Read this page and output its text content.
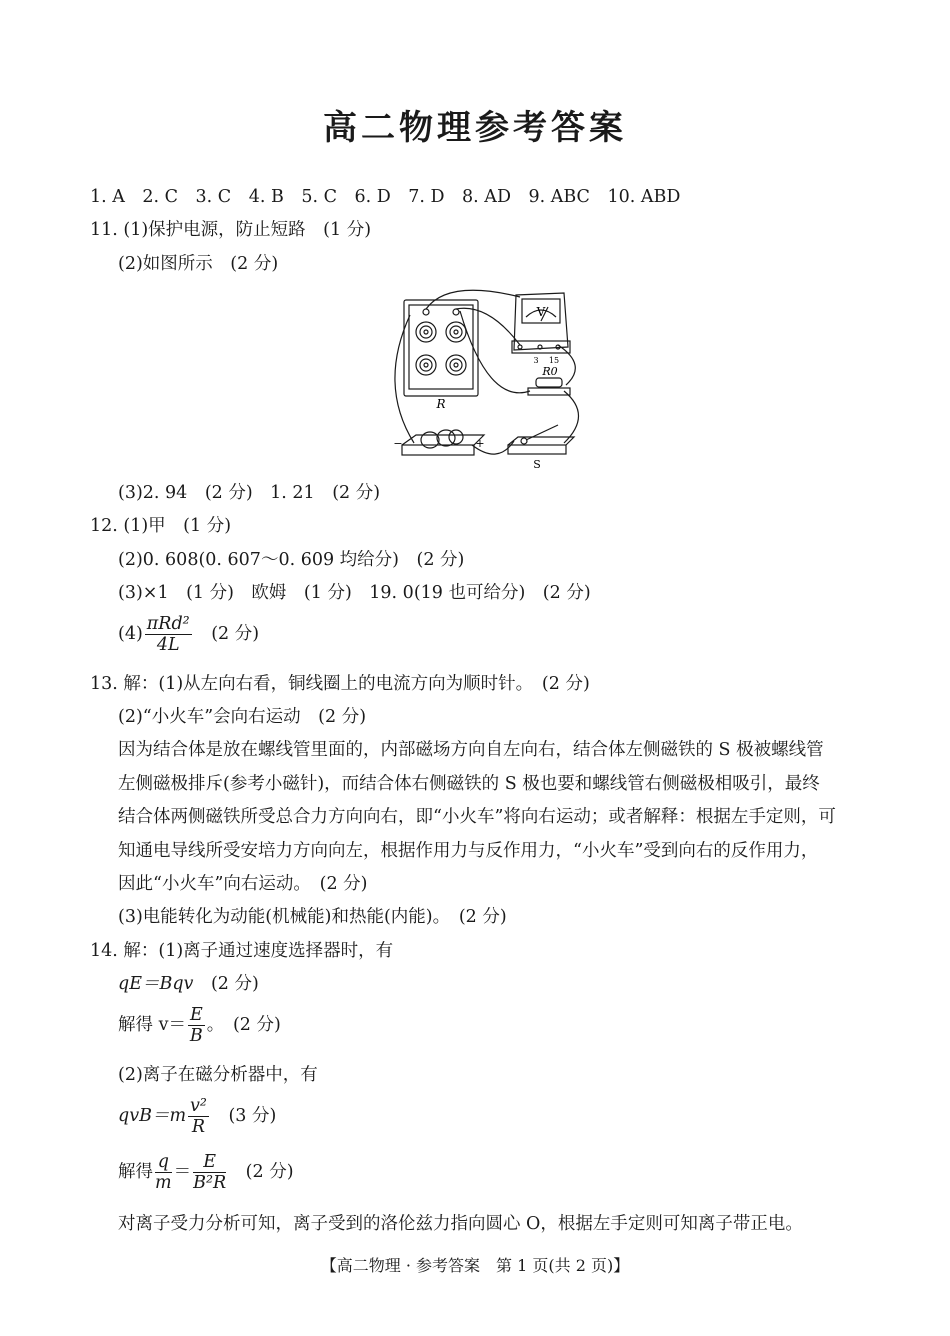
高二物理参考答案
1. A　2. C　3. C　4. B　5. C　6. D　7. D　8. AD　9. ABC　10. ABD
11. (1)保护电源，防止短路　(1 分)
(2)如图所示　(2 分)
R
R0
S
V
−	+
3 15
(3)2. 94　(2 分)　1. 21　(2 分)
12. (1)甲　(1 分)
(2)0. 608(0. 607～0. 609 均给分)　(2 分)
(3)×1　(1 分)　欧姆　(1 分)　19. 0(19 也可给分)　(2 分)
$(4) \frac{\text{πRd²}}{4L}$
　 (2 分)
13. 解：(1)从左向右看，铜线圈上的电流方向为顺时针。　(2 分)
(2)“小火车”会向右运动　(2 分)
因为结合体是放在螺线管里面的，内部磁场方向自左向右，结合体左侧磁铁的 S 极被螺线管
左侧磁极排斥(参考小磁针)，而结合体右侧磁铁的 S 极也要和螺线管右侧磁极相吸引，最终
结合体两侧磁铁所受总合力方向向右，即“小火车”将向右运动；或者解释：根据左手定则，可
知通电导线所受安培力方向向左，根据作用力与反作用力，“小火车”受到向右的反作用力，
因此“小火车”向右运动。　(2 分)
(3)电能转化为动能(机械能)和热能(内能)。　(2 分)
14. 解：(1)离子通过速度选择器时，有
qE＝Bqv　 (2 分)
解得 $v= \frac{E}{B}$ 。　(2 分)
(2)离子在磁分析器中，有
$qvB=m \frac{\text{v²}}{R}$
　 (3 分)
解得 $\frac{q}{m} = \frac{E}{\text{B²R}}$
　 (2 分)
对离子受力分析可知，离子受到的洛伦兹力指向圆心 O，根据左手定则可知离子带正电。
【高二物理 · 参考答案　第 1 页(共 2 页)】
